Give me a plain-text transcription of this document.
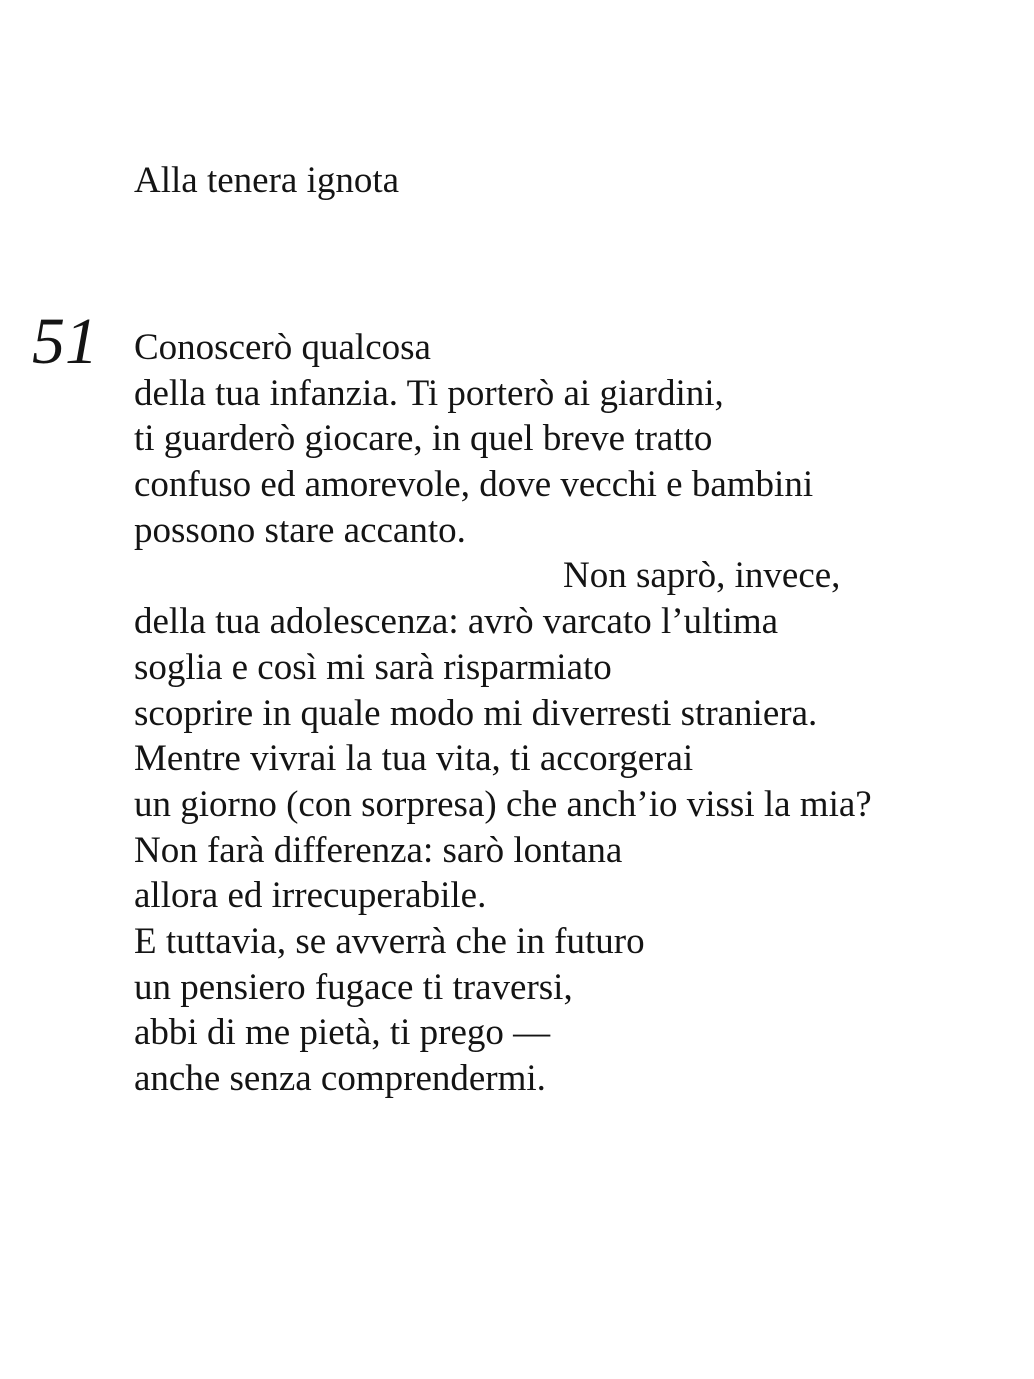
Alla tenera ignota
51 Conoscerò qualcosa
della tua infanzia. Ti porterò ai giardini,
ti guarderò giocare, in quel breve tratto
confuso ed amorevole, dove vecchi e bambini
possono stare accanto.
Non saprò, invece,
della tua adolescenza: avrò varcato l’ultima
soglia e così mi sarà risparmiato
scoprire in quale modo mi diverresti straniera.
Mentre vivrai la tua vita, ti accorgerai
un giorno (con sorpresa) che anch’io vissi la mia?
Non farà differenza: sarò lontana
allora ed irrecuperabile.
E tuttavia, se avverrà che in futuro
un pensiero fugace ti traversi,
abbi di me pietà, ti prego —
anche senza comprendermi.
